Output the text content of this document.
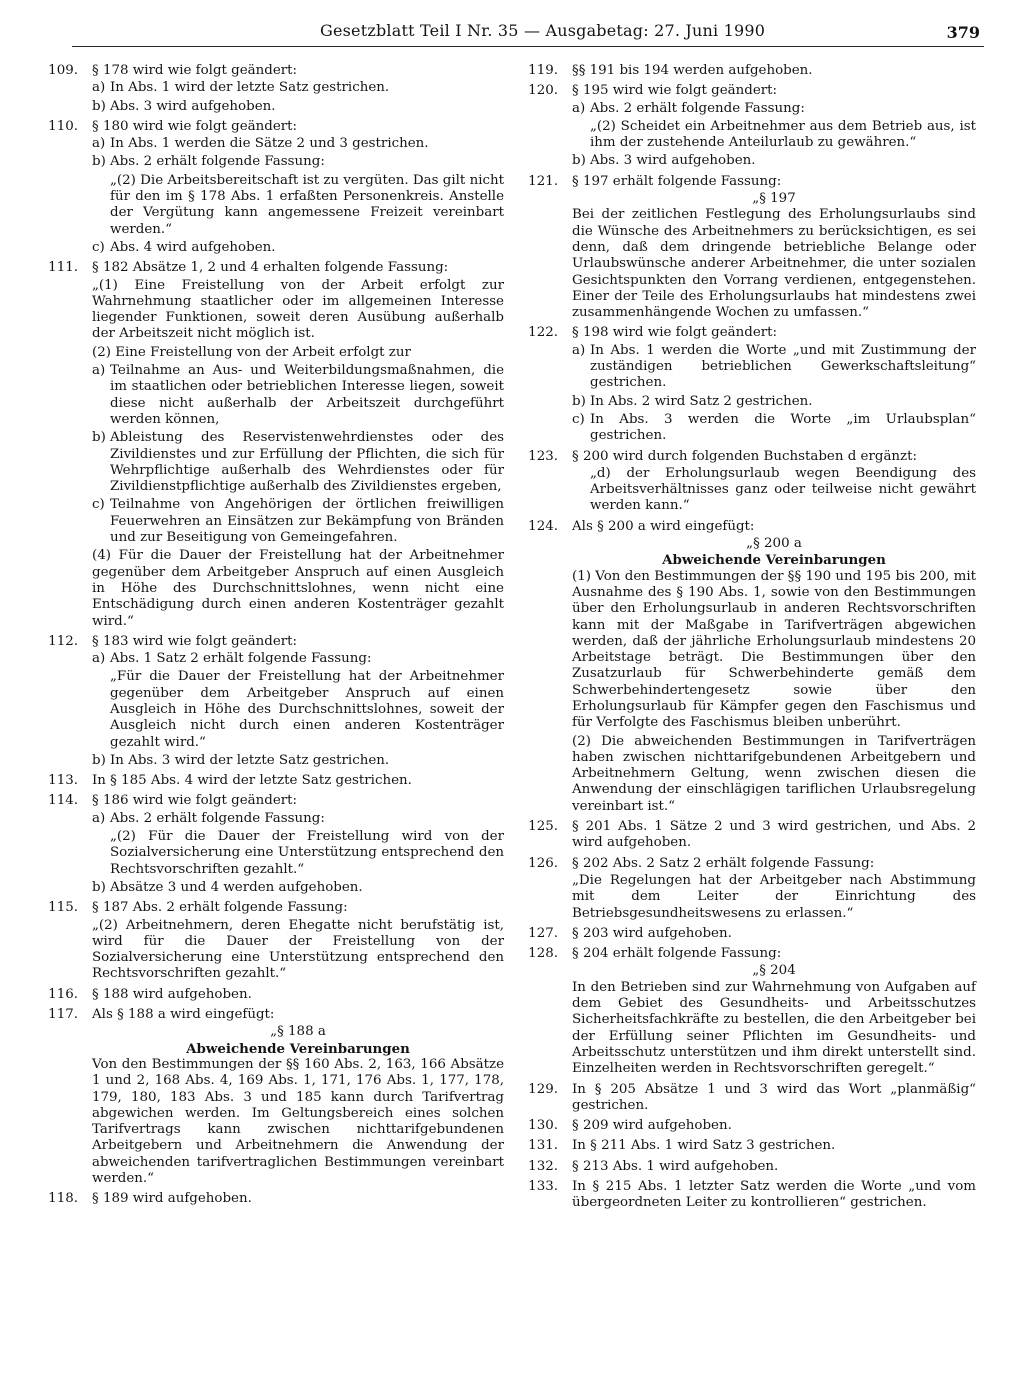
Gesetzblatt Teil I Nr. 35 — Ausgabetag: 27. Juni 1990	379
109. § 178 wird wie folgt geändert:
a) In Abs. 1 wird der letzte Satz gestrichen.
b) Abs. 3 wird aufgehoben.
110. § 180 wird wie folgt geändert:
a) In Abs. 1 werden die Sätze 2 und 3 gestrichen.
b) Abs. 2 erhält folgende Fassung:
„(2) Die Arbeitsbereitschaft ist zu vergüten. Das gilt nicht für den im § 178 Abs. 1 erfaßten Personenkreis. Anstelle der Vergütung kann angemessene Freizeit vereinbart werden.“
c) Abs. 4 wird aufgehoben.
111. § 182 Absätze 1, 2 und 4 erhalten folgende Fassung:
„(1) Eine Freistellung von der Arbeit erfolgt zur Wahrnehmung staatlicher oder im allgemeinen Interesse liegender Funktionen, soweit deren Ausübung außerhalb der Arbeitszeit nicht möglich ist.
(2) Eine Freistellung von der Arbeit erfolgt zur
a) Teilnahme an Aus- und Weiterbildungsmaßnahmen, die im staatlichen oder betrieblichen Interesse liegen, soweit diese nicht außerhalb der Arbeitszeit durchgeführt werden können,
b) Ableistung des Reservistenwehrdienstes oder des Zivildienstes und zur Erfüllung der Pflichten, die sich für Wehrpflichtige außerhalb des Wehrdienstes oder für Zivildienstpflichtige außerhalb des Zivildienstes ergeben,
c) Teilnahme von Angehörigen der örtlichen freiwilligen Feuerwehren an Einsätzen zur Bekämpfung von Bränden und zur Beseitigung von Gemeingefahren.
(4) Für die Dauer der Freistellung hat der Arbeitnehmer gegenüber dem Arbeitgeber Anspruch auf einen Ausgleich in Höhe des Durchschnittslohnes, wenn nicht eine Entschädigung durch einen anderen Kostenträger gezahlt wird.“
112. § 183 wird wie folgt geändert:
a) Abs. 1 Satz 2 erhält folgende Fassung:
„Für die Dauer der Freistellung hat der Arbeitnehmer gegenüber dem Arbeitgeber Anspruch auf einen Ausgleich in Höhe des Durchschnittslohnes, soweit der Ausgleich nicht durch einen anderen Kostenträger gezahlt wird.“
b) In Abs. 3 wird der letzte Satz gestrichen.
113. In § 185 Abs. 4 wird der letzte Satz gestrichen.
114. § 186 wird wie folgt geändert:
a) Abs. 2 erhält folgende Fassung:
„(2) Für die Dauer der Freistellung wird von der Sozialversicherung eine Unterstützung entsprechend den Rechtsvorschriften gezahlt.“
b) Absätze 3 und 4 werden aufgehoben.
115. § 187 Abs. 2 erhält folgende Fassung:
„(2) Arbeitnehmern, deren Ehegatte nicht berufstätig ist, wird für die Dauer der Freistellung von der Sozialversicherung eine Unterstützung entsprechend den Rechtsvorschriften gezahlt.“
116. § 188 wird aufgehoben.
117. Als § 188 a wird eingefügt:
„§ 188 a
Abweichende Vereinbarungen
Von den Bestimmungen der §§ 160 Abs. 2, 163, 166 Absätze 1 und 2, 168 Abs. 4, 169 Abs. 1, 171, 176 Abs. 1, 177, 178, 179, 180, 183 Abs. 3 und 185 kann durch Tarifvertrag abgewichen werden. Im Geltungsbereich eines solchen Tarifvertrags kann zwischen nichttarifgebundenen Arbeitgebern und Arbeitnehmern die Anwendung der abweichenden tarifvertraglichen Bestimmungen vereinbart werden.“
118. § 189 wird aufgehoben.
119. §§ 191 bis 194 werden aufgehoben.
120. § 195 wird wie folgt geändert:
a) Abs. 2 erhält folgende Fassung:
„(2) Scheidet ein Arbeitnehmer aus dem Betrieb aus, ist ihm der zustehende Anteilurlaub zu gewähren.“
b) Abs. 3 wird aufgehoben.
121. § 197 erhält folgende Fassung:
„§ 197
Bei der zeitlichen Festlegung des Erholungsurlaubs sind die Wünsche des Arbeitnehmers zu berücksichtigen, es sei denn, daß dem dringende betriebliche Belange oder Urlaubswünsche anderer Arbeitnehmer, die unter sozialen Gesichtspunkten den Vorrang verdienen, entgegenstehen. Einer der Teile des Erholungsurlaubs hat mindestens zwei zusammenhängende Wochen zu umfassen.“
122. § 198 wird wie folgt geändert:
a) In Abs. 1 werden die Worte „und mit Zustimmung der zuständigen betrieblichen Gewerkschaftsleitung“ gestrichen.
b) In Abs. 2 wird Satz 2 gestrichen.
c) In Abs. 3 werden die Worte „im Urlaubsplan“ gestrichen.
123. § 200 wird durch folgenden Buchstaben d ergänzt:
„d) der Erholungsurlaub wegen Beendigung des Arbeitsverhältnisses ganz oder teilweise nicht gewährt werden kann.“
124. Als § 200 a wird eingefügt:
„§ 200 a
Abweichende Vereinbarungen
(1) Von den Bestimmungen der §§ 190 und 195 bis 200, mit Ausnahme des § 190 Abs. 1, sowie von den Bestimmungen über den Erholungsurlaub in anderen Rechtsvorschriften kann mit der Maßgabe in Tarifverträgen abgewichen werden, daß der jährliche Erholungsurlaub mindestens 20 Arbeitstage beträgt. Die Bestimmungen über den Zusatzurlaub für Schwerbehinderte gemäß dem Schwerbehindertengesetz sowie über den Erholungsurlaub für Kämpfer gegen den Faschismus und für Verfolgte des Faschismus bleiben unberührt.
(2) Die abweichenden Bestimmungen in Tarifverträgen haben zwischen nichttarifgebundenen Arbeitgebern und Arbeitnehmern Geltung, wenn zwischen diesen die Anwendung der einschlägigen tariflichen Urlaubsregelung vereinbart ist.“
125. § 201 Abs. 1 Sätze 2 und 3 wird gestrichen, und Abs. 2 wird aufgehoben.
126. § 202 Abs. 2 Satz 2 erhält folgende Fassung:
„Die Regelungen hat der Arbeitgeber nach Abstimmung mit dem Leiter der Einrichtung des Betriebsgesundheitswesens zu erlassen.“
127. § 203 wird aufgehoben.
128. § 204 erhält folgende Fassung:
„§ 204
In den Betrieben sind zur Wahrnehmung von Aufgaben auf dem Gebiet des Gesundheits- und Arbeitsschutzes Sicherheitsfachkräfte zu bestellen, die den Arbeitgeber bei der Erfüllung seiner Pflichten im Gesundheits- und Arbeitsschutz unterstützen und ihm direkt unterstellt sind. Einzelheiten werden in Rechtsvorschriften geregelt.“
129. In § 205 Absätze 1 und 3 wird das Wort „planmäßig“ gestrichen.
130. § 209 wird aufgehoben.
131. In § 211 Abs. 1 wird Satz 3 gestrichen.
132. § 213 Abs. 1 wird aufgehoben.
133. In § 215 Abs. 1 letzter Satz werden die Worte „und vom übergeordneten Leiter zu kontrollieren“ gestrichen.
